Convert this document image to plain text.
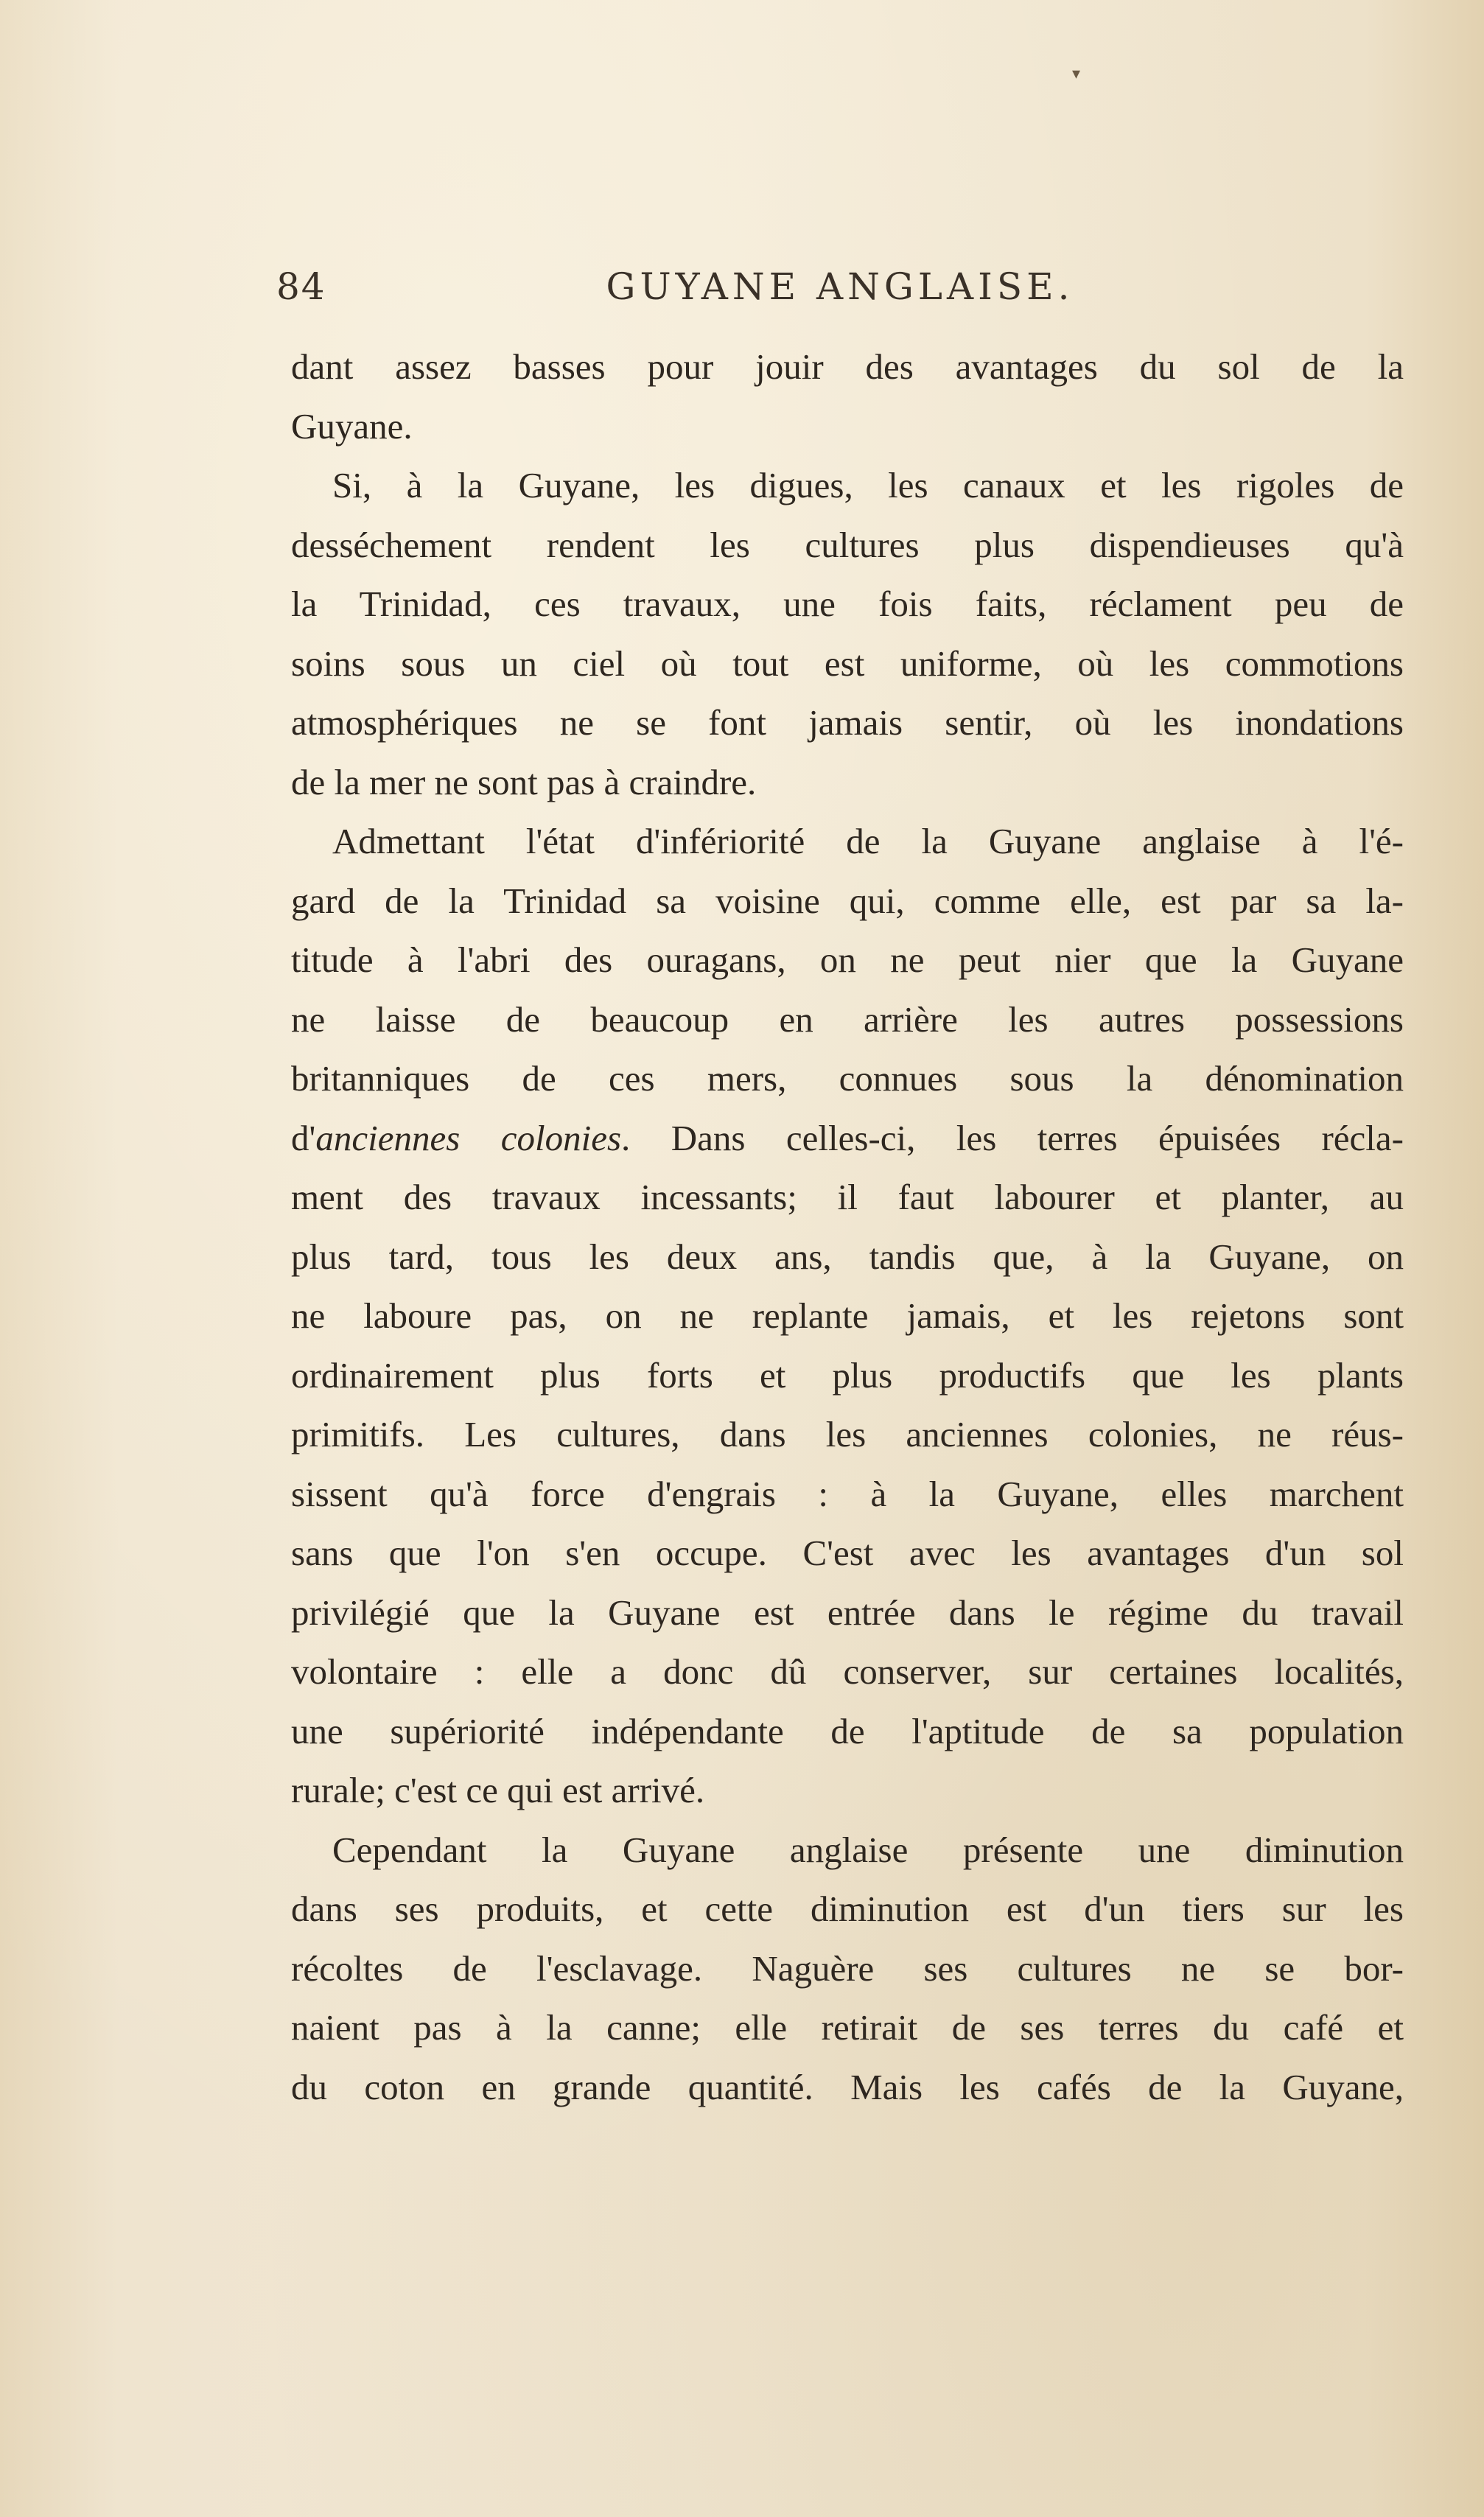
▾
84	GUYANE ANGLAISE.
dant assez basses pour jouir des avantages du sol de la
Guyane.
Si, à la Guyane, les digues, les canaux et les rigoles de
desséchement rendent les cultures plus dispendieuses qu'à
la Trinidad, ces travaux, une fois faits, réclament peu de
soins sous un ciel où tout est uniforme, où les commotions
atmosphériques ne se font jamais sentir, où les inondations
de la mer ne sont pas à craindre.
Admettant l'état d'infériorité de la Guyane anglaise à l'é-
gard de la Trinidad sa voisine qui, comme elle, est par sa la-
titude à l'abri des ouragans, on ne peut nier que la Guyane
ne laisse de beaucoup en arrière les autres possessions
britanniques de ces mers, connues sous la dénomination
d'anciennes colonies. Dans celles-ci, les terres épuisées récla-
ment des travaux incessants; il faut labourer et planter, au
plus tard, tous les deux ans, tandis que, à la Guyane, on
ne laboure pas, on ne replante jamais, et les rejetons sont
ordinairement plus forts et plus productifs que les plants
primitifs. Les cultures, dans les anciennes colonies, ne réus-
sissent qu'à force d'engrais : à la Guyane, elles marchent
sans que l'on s'en occupe. C'est avec les avantages d'un sol
privilégié que la Guyane est entrée dans le régime du travail
volontaire : elle a donc dû conserver, sur certaines localités,
une supériorité indépendante de l'aptitude de sa population
rurale; c'est ce qui est arrivé.
Cependant la Guyane anglaise présente une diminution
dans ses produits, et cette diminution est d'un tiers sur les
récoltes de l'esclavage. Naguère ses cultures ne se bor-
naient pas à la canne; elle retirait de ses terres du café et
du coton en grande quantité. Mais les cafés de la Guyane,
